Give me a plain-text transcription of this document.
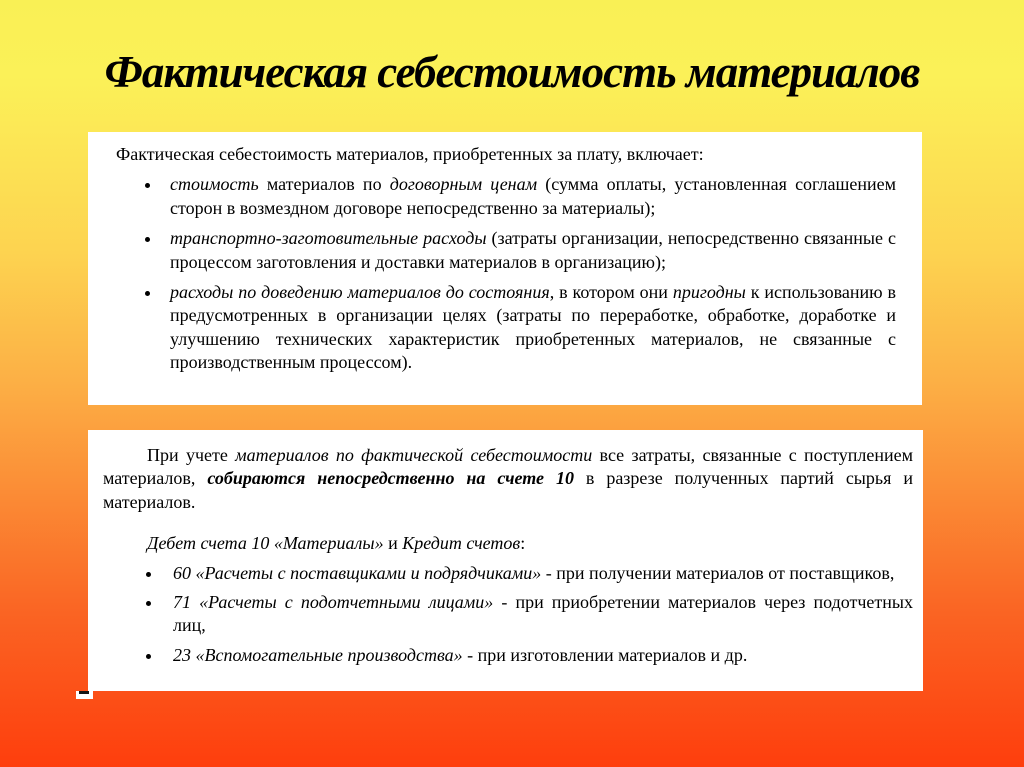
Фактическая себестоимость материалов

Фактическая себестоимость материалов, приобретенных за плату, включает:

• стоимость материалов по договорным ценам (сумма оплаты, установленная соглашением сторон в возмездном договоре непосредственно за материалы);
• транспортно-заготовительные расходы (затраты организации, непосредственно связанные с процессом заготовления и доставки материалов в организацию);
• расходы по доведению материалов до состояния, в котором они пригодны к использованию в предусмотренных в организации целях (затраты по переработке, обработке, доработке и улучшению технических характеристик приобретенных материалов, не связанные с производственным процессом).

При учете материалов по фактической себестоимости все затраты, связанные с поступлением материалов, собираются непосредственно на счете 10 в разрезе полученных партий сырья и материалов.

Дебет счета 10 «Материалы» и Кредит счетов:

• 60 «Расчеты с поставщиками и подрядчиками» - при получении материалов от поставщиков,
• 71 «Расчеты с подотчетными лицами» - при приобретении материалов через подотчетных лиц,
• 23 «Вспомогательные производства» - при изготовлении материалов и др.
